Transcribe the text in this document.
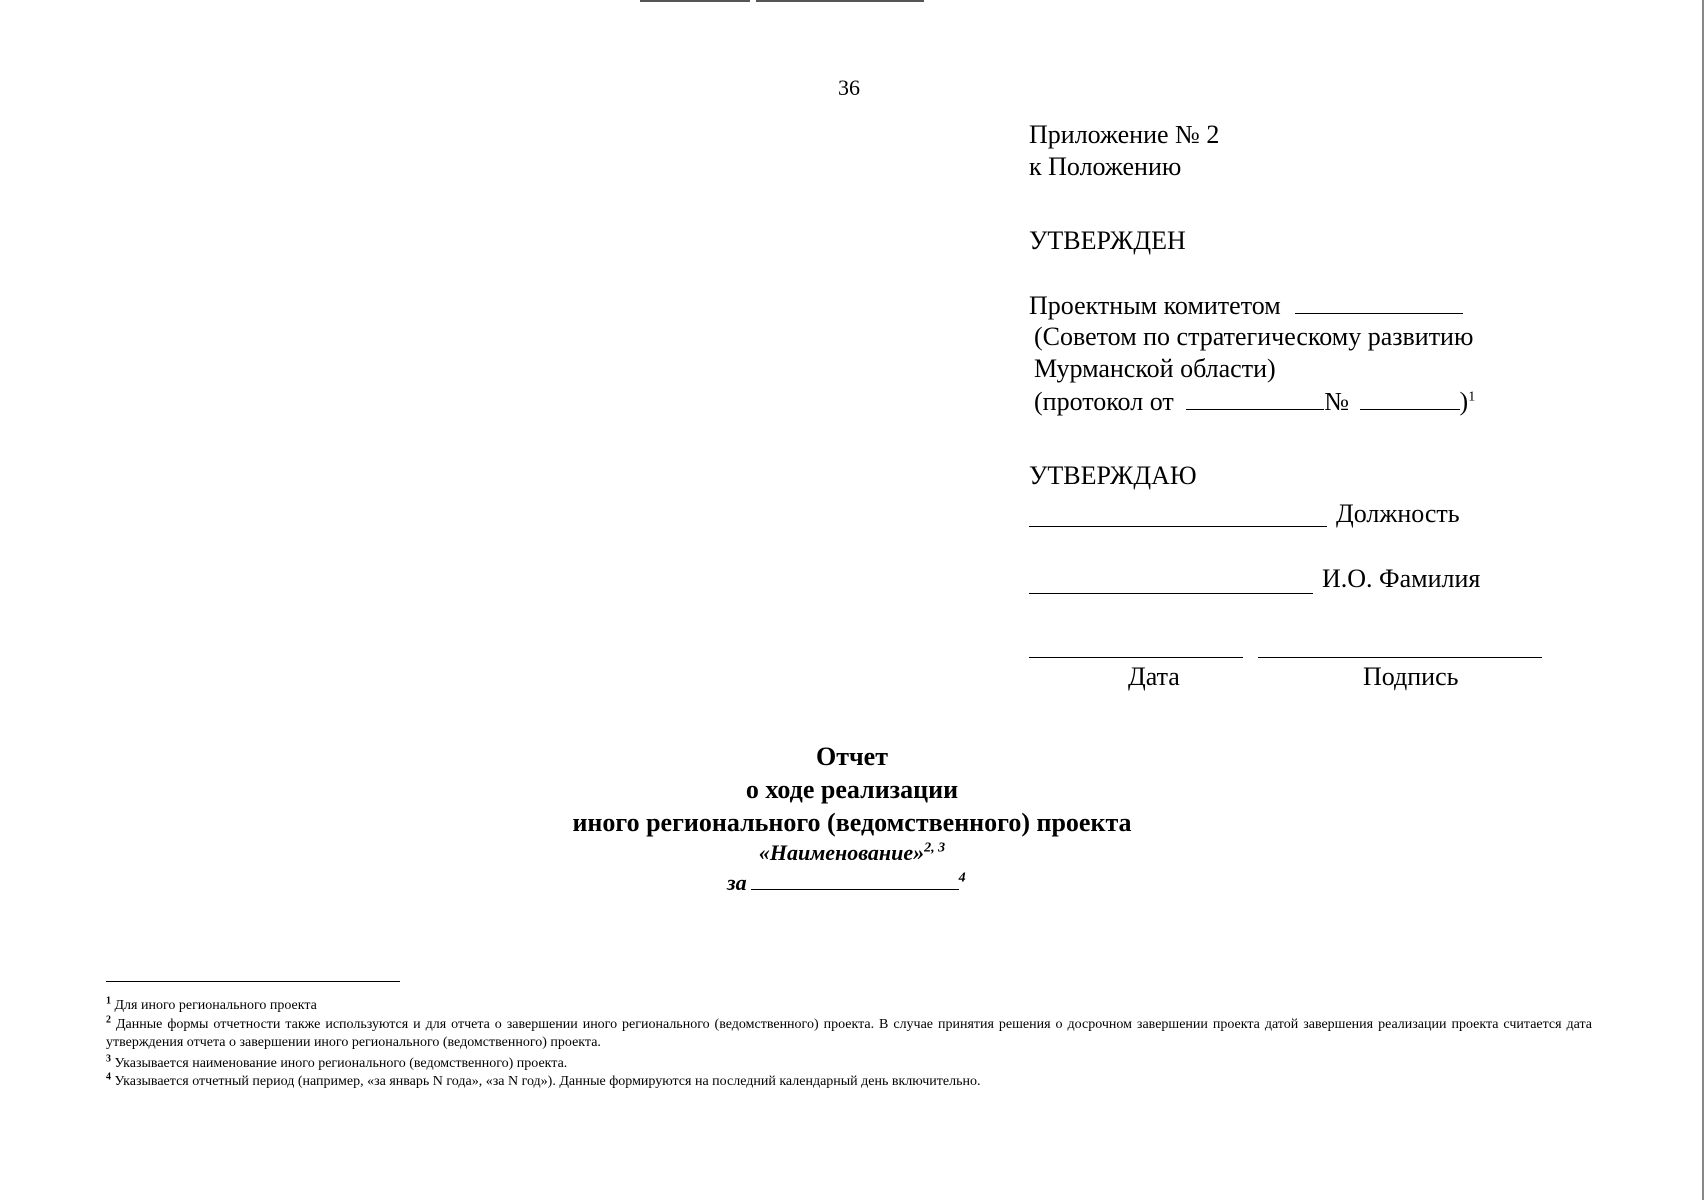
36
Приложение № 2
к Положению
УТВЕРЖДЕН
Проектным комитетом
(Советом по стратегическому развитию
Мурманской области)
(протокол от	№	)$^1$
УТВЕРЖДАЮ
Должность
И.О. Фамилия
Дата	Подпись
Отчет
о ходе реализации
иного регионального (ведомственного) проекта
«Наименование»$^{2, 3}$
за	$^4$
$^1$ Для иного регионального проекта
$^2$ Данные формы отчетности также используются и для отчета о завершении иного регионального (ведомственного) проекта. В случае принятия решения о досрочном завершении проекта датой завершения реализации проекта считается дата утверждения отчета о завершении иного регионального (ведомственного) проекта.
$^3$ Указывается наименование иного регионального (ведомственного) проекта.
$^4$ Указывается отчетный период (например, «за январь N года», «за N год»). Данные формируются на последний календарный день включительно.
